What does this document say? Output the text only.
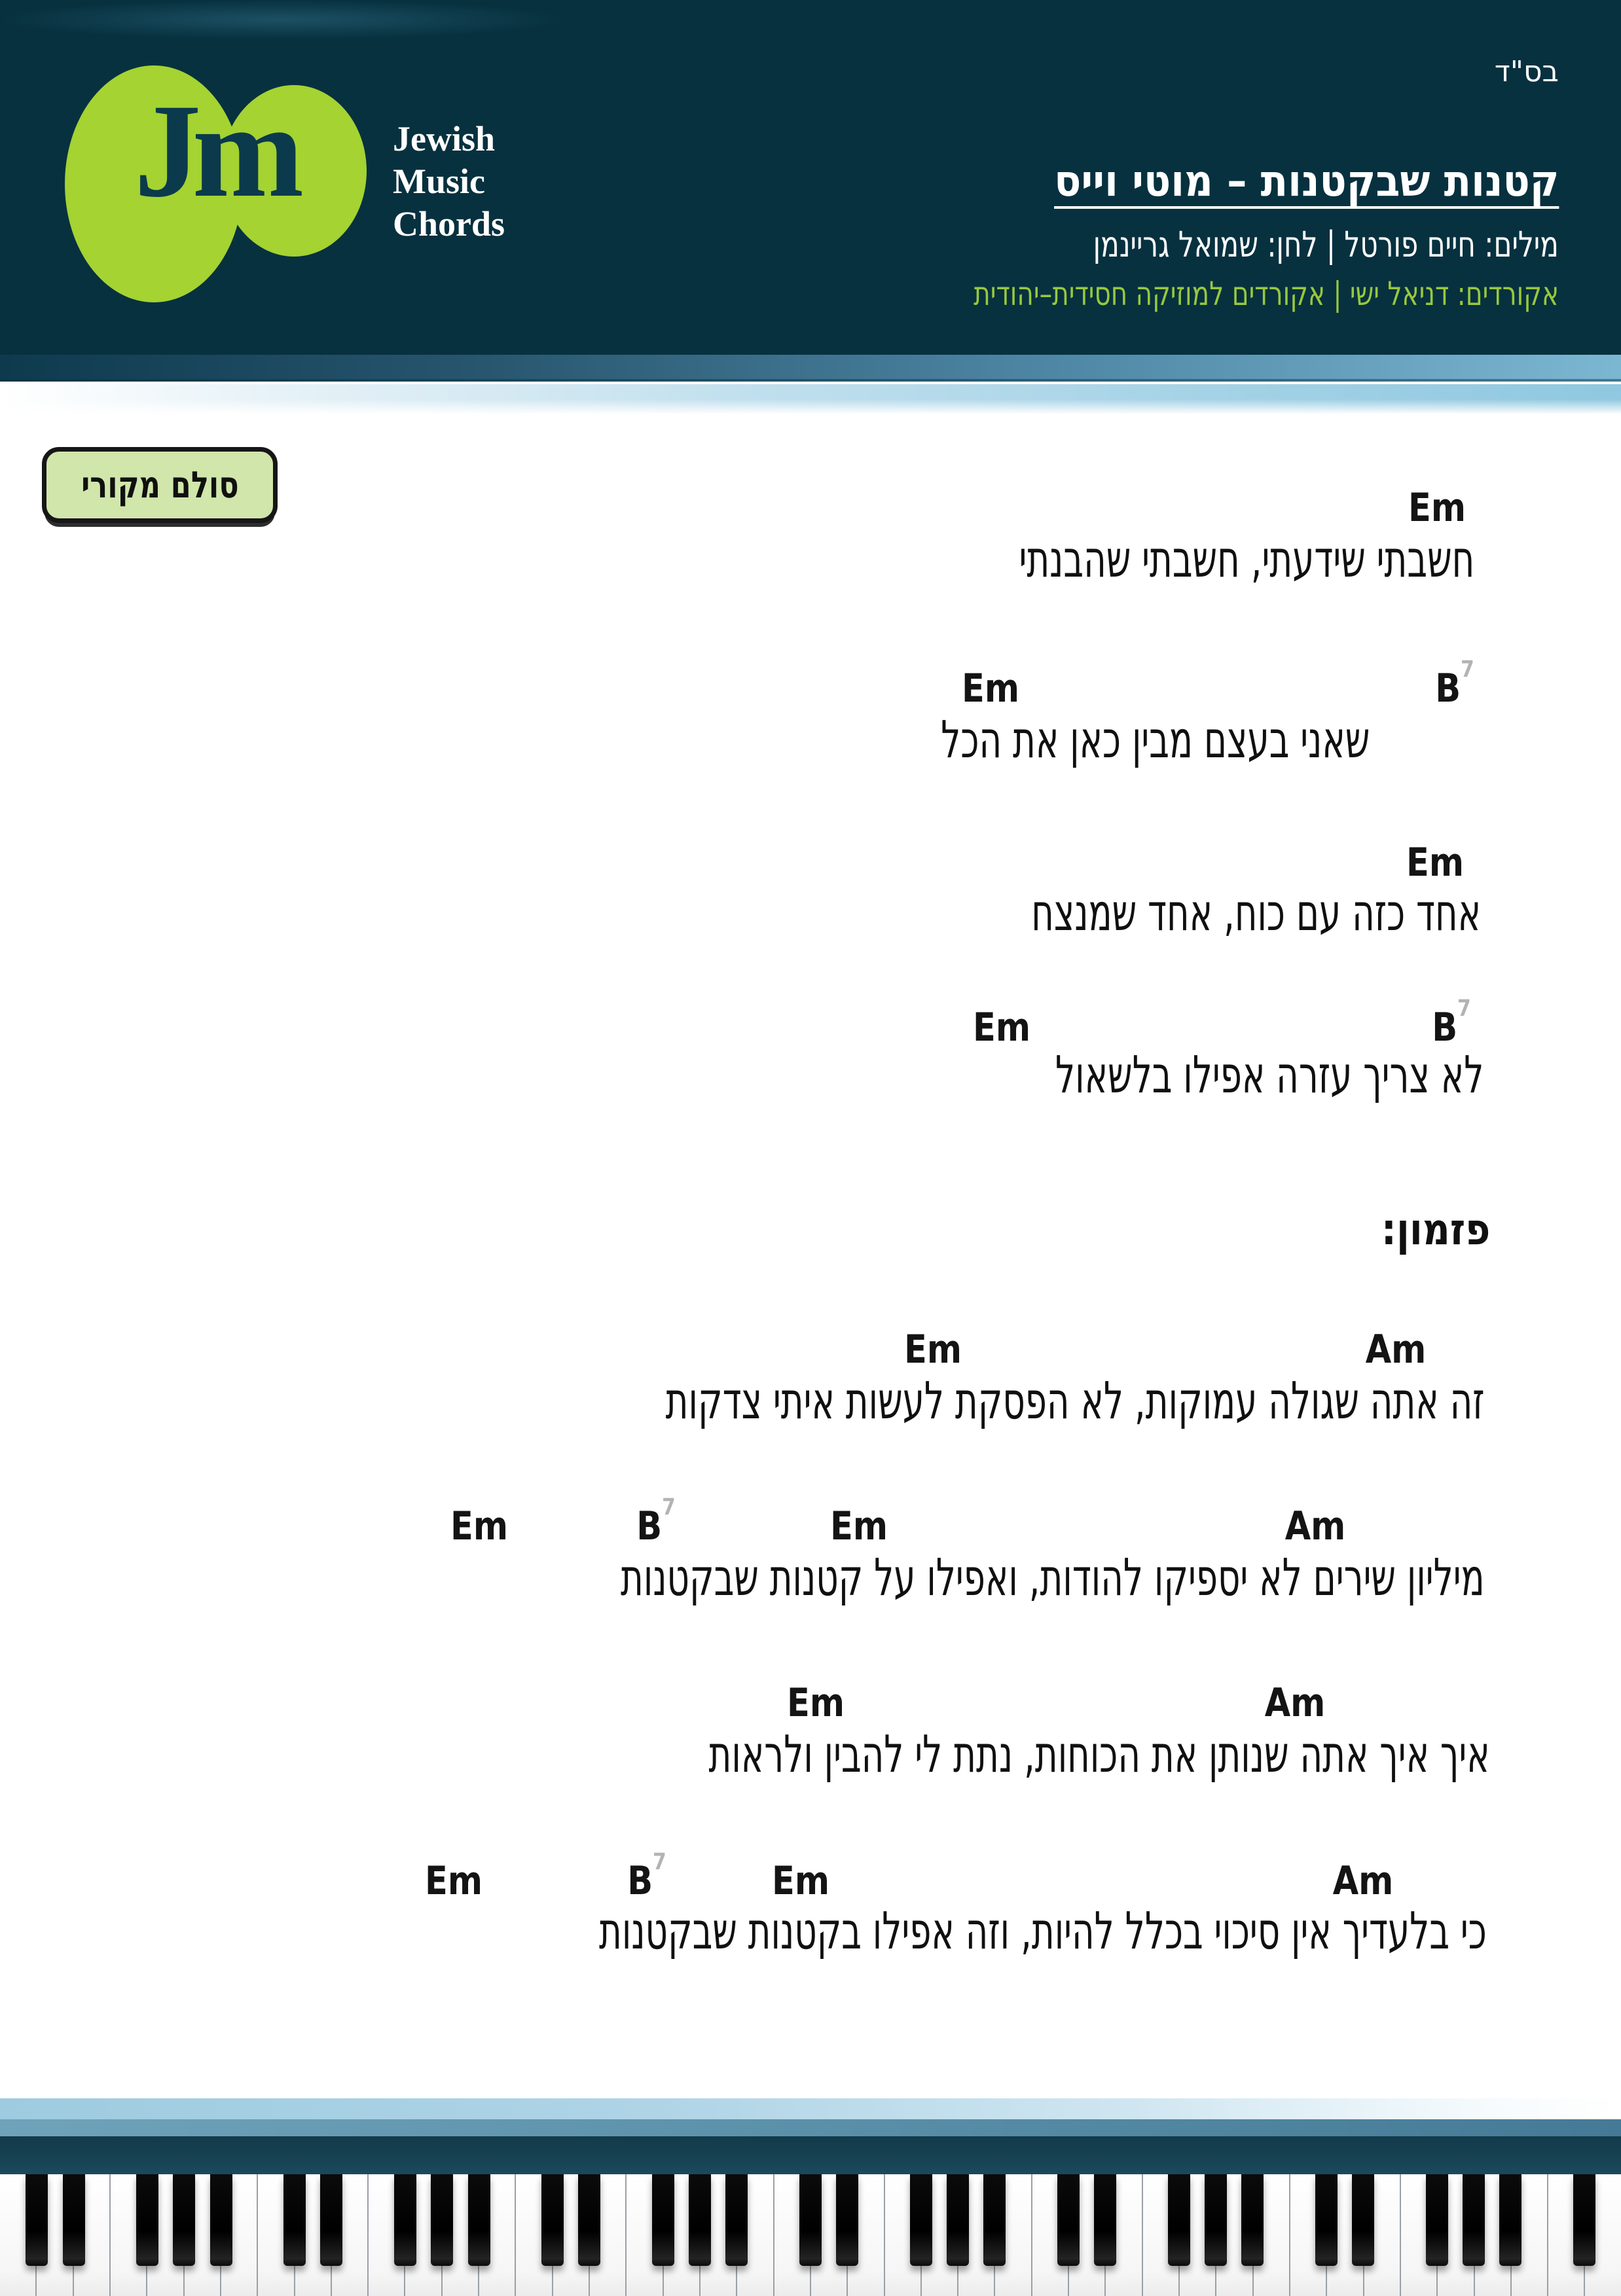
Jm	Jewish
Music
Chords
בס"ד
קטנות שבקטנות – מוטי וייס
מילים: חיים פורטל | לחן: שמואל גריינמן
אקורדים: דניאל ישי | אקורדים למוזיקה חסידית–יהודית
סולם מקורי	Em
חשבתי שידעתי, חשבתי שהבנתי
Em	$B^7$
שאני בעצם מבין כאן את הכל
Em
אחד כזה עם כוח, אחד שמנצח
Em	$B^7$
לא צריך עזרה אפילו בלשאול
פזמון:
Em	Am
זה אתה שגולה עמוקות, לא הפסקת לעשות איתי צדקות
Em	$B^7$	Em	Am
מיליון שירים לא יספיקו להודות, ואפילו על קטנות שבקטנות
Em	Am
איך איך אתה שנותן את הכוחות, נתת לי להבין ולראות
Em	$B^7$	Em	Am
כי בלעדיך אין סיכוי בכלל להיות, וזה אפילו בקטנות שבקטנות
